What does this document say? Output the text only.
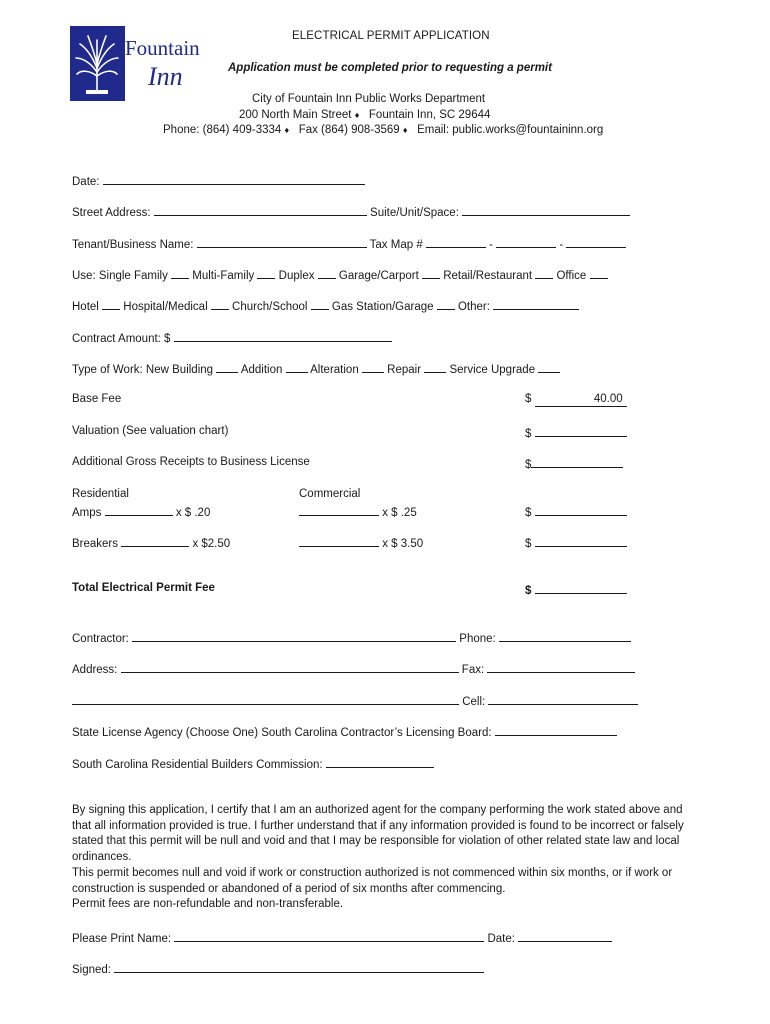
Fountain
Inn
ELECTRICAL PERMIT APPLICATION
Application must be completed prior to requesting a permit
City of Fountain Inn Public Works Department
200 North Main Street ♦ Fountain Inn, SC 29644
Phone: (864) 409-3334 ♦ Fax (864) 908-3569 ♦ Email: public.works@fountaininn.org
Date:
Street Address:	Suite/Unit/Space:
Tenant/Business Name:	Tax Map #	-	-
Use: Single Family Multi-Family Duplex Garage/Carport Retail/Restaurant Office
Hotel Hospital/Medical Church/School Gas Station/Garage Other:
Contract Amount: $
Type of Work: New Building Addition Alteration Repair Service Upgrade
Base Fee	$	40.00
Valuation (See valuation chart)	$
Additional Gross Receipts to Business License	$
Residential	Commercial
Amps	x $ .20	x $ .25	$
Breakers	x $2.50	x $ 3.50	$
Total Electrical Permit Fee	$
Contractor:	Phone:
Address:	Fax:
Cell:
State License Agency (Choose One) South Carolina Contractor’s Licensing Board:
South Carolina Residential Builders Commission:
By signing this application, I certify that I am an authorized agent for the company performing the work stated above and that all information provided is true. I further understand that if any information provided is found to be incorrect or falsely stated that this permit will be null and void and that I may be responsible for violation of other related state law and local ordinances.
This permit becomes null and void if work or construction authorized is not commenced within six months, or if work or construction is suspended or abandoned of a period of six months after commencing.
Permit fees are non-refundable and non-transferable.
Please Print Name:	Date:
Signed:
